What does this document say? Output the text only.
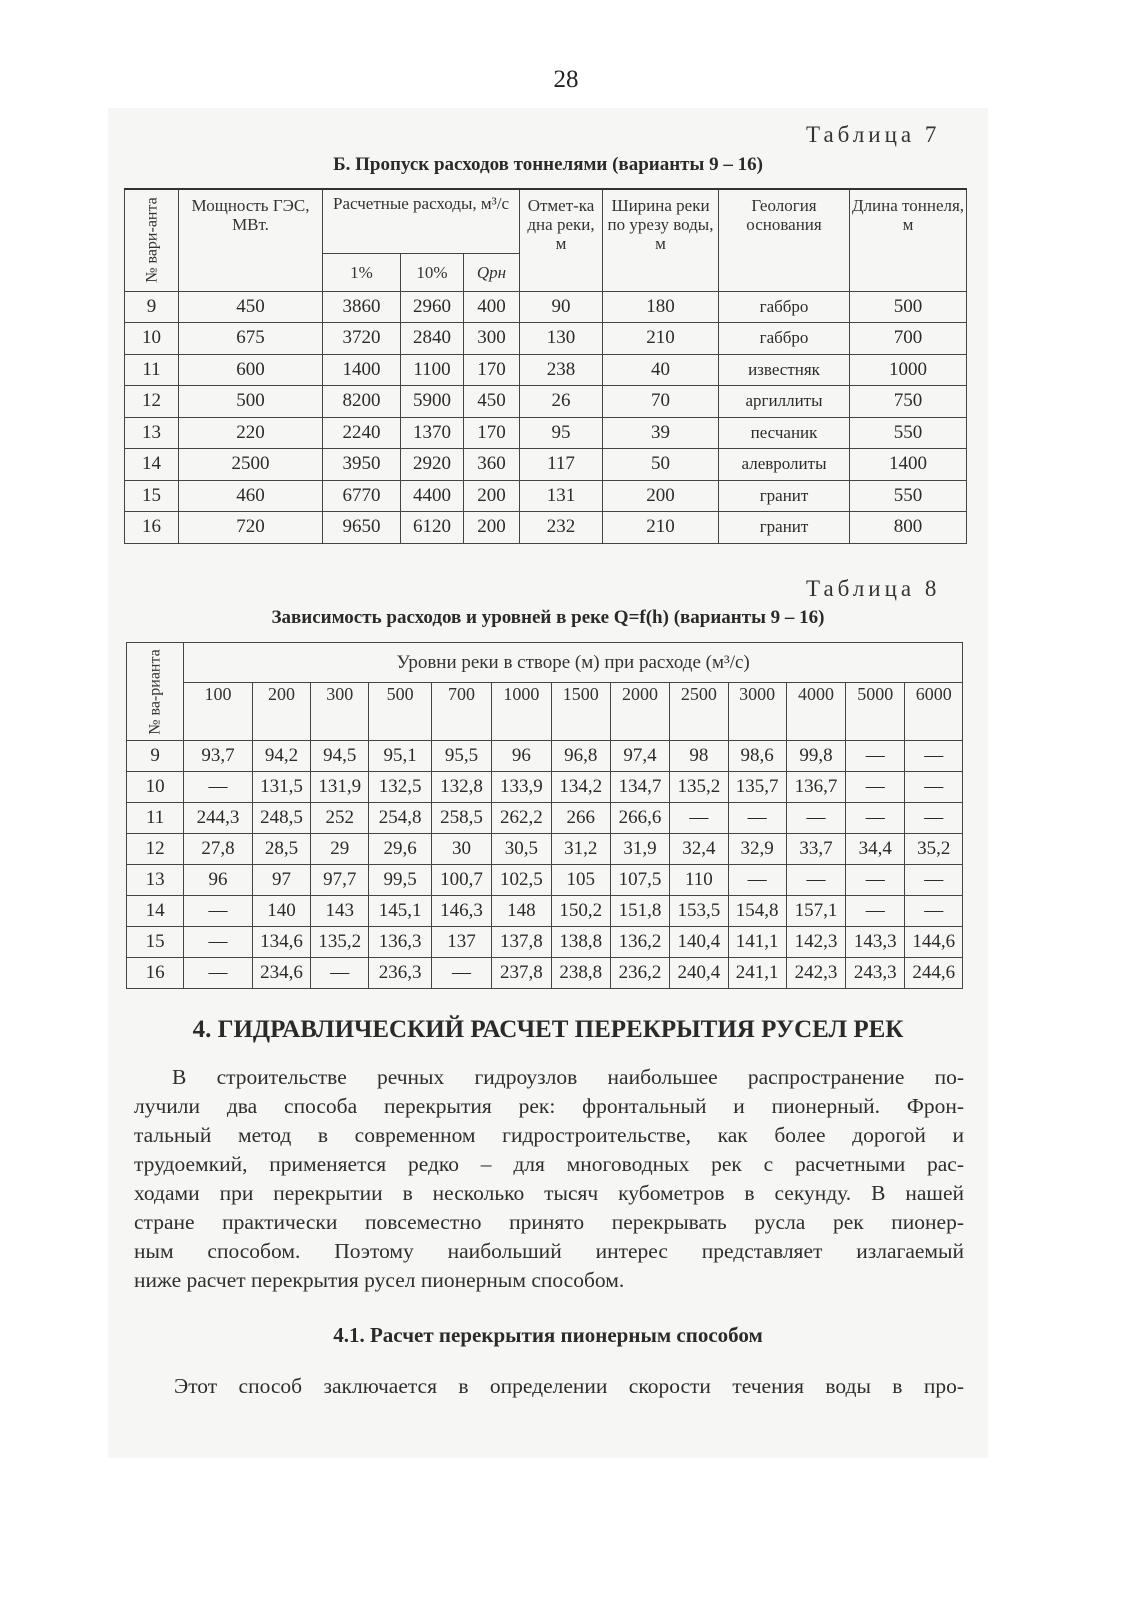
28
Таблица 7
Б. Пропуск расходов тоннелями (варианты 9 – 16)
№ вари-анта	Мощность ГЭС, МВт.	Расчетные расходы, м³/с			Отмет-ка дна реки, м	Ширина реки по урезу воды, м	Геология основания	Длина тоннеля, м
		1%	10%	Qрн				
9	450	3860	2960	400	90	180	габбро	500
10	675	3720	2840	300	130	210	габбро	700
11	600	1400	1100	170	238	40	известняк	1000
12	500	8200	5900	450	26	70	аргиллиты	750
13	220	2240	1370	170	95	39	песчаник	550
14	2500	3950	2920	360	117	50	алевролиты	1400
15	460	6770	4400	200	131	200	гранит	550
16	720	9650	6120	200	232	210	гранит	800
Таблица 8
Зависимость расходов и уровней в реке Q=f(h) (варианты 9 – 16)
№ ва-рианта	Уровни реки в створе (м) при расходе (м³/с)												
	100	200	300	500	700	1000	1500	2000	2500	3000	4000	5000	6000
9	93,7	94,2	94,5	95,1	95,5	96	96,8	97,4	98	98,6	99,8	—	—
10	—	131,5	131,9	132,5	132,8	133,9	134,2	134,7	135,2	135,7	136,7	—	—
11	244,3	248,5	252	254,8	258,5	262,2	266	266,6	—	—	—	—	—
12	27,8	28,5	29	29,6	30	30,5	31,2	31,9	32,4	32,9	33,7	34,4	35,2
13	96	97	97,7	99,5	100,7	102,5	105	107,5	110	—	—	—	—
14	—	140	143	145,1	146,3	148	150,2	151,8	153,5	154,8	157,1	—	—
15	—	134,6	135,2	136,3	137	137,8	138,8	136,2	140,4	141,1	142,3	143,3	144,6
16	—	234,6	—	236,3	—	237,8	238,8	236,2	240,4	241,1	242,3	243,3	244,6
4. ГИДРАВЛИЧЕСКИЙ РАСЧЕТ ПЕРЕКРЫТИЯ РУСЕЛ РЕК
В строительстве речных гидроузлов наибольшее распространение по-
лучили два способа перекрытия рек: фронтальный и пионерный. Фрон-
тальный метод в современном гидростроительстве, как более дорогой и
трудоемкий, применяется редко – для многоводных рек с расчетными рас-
ходами при перекрытии в несколько тысяч кубометров в секунду. В нашей
стране практически повсеместно принято перекрывать русла рек пионер-
ным способом. Поэтому наибольший интерес представляет излагаемый
ниже расчет перекрытия русел пионерным способом.
4.1. Расчет перекрытия пионерным способом
Этот способ заключается в определении скорости течения воды в про-
